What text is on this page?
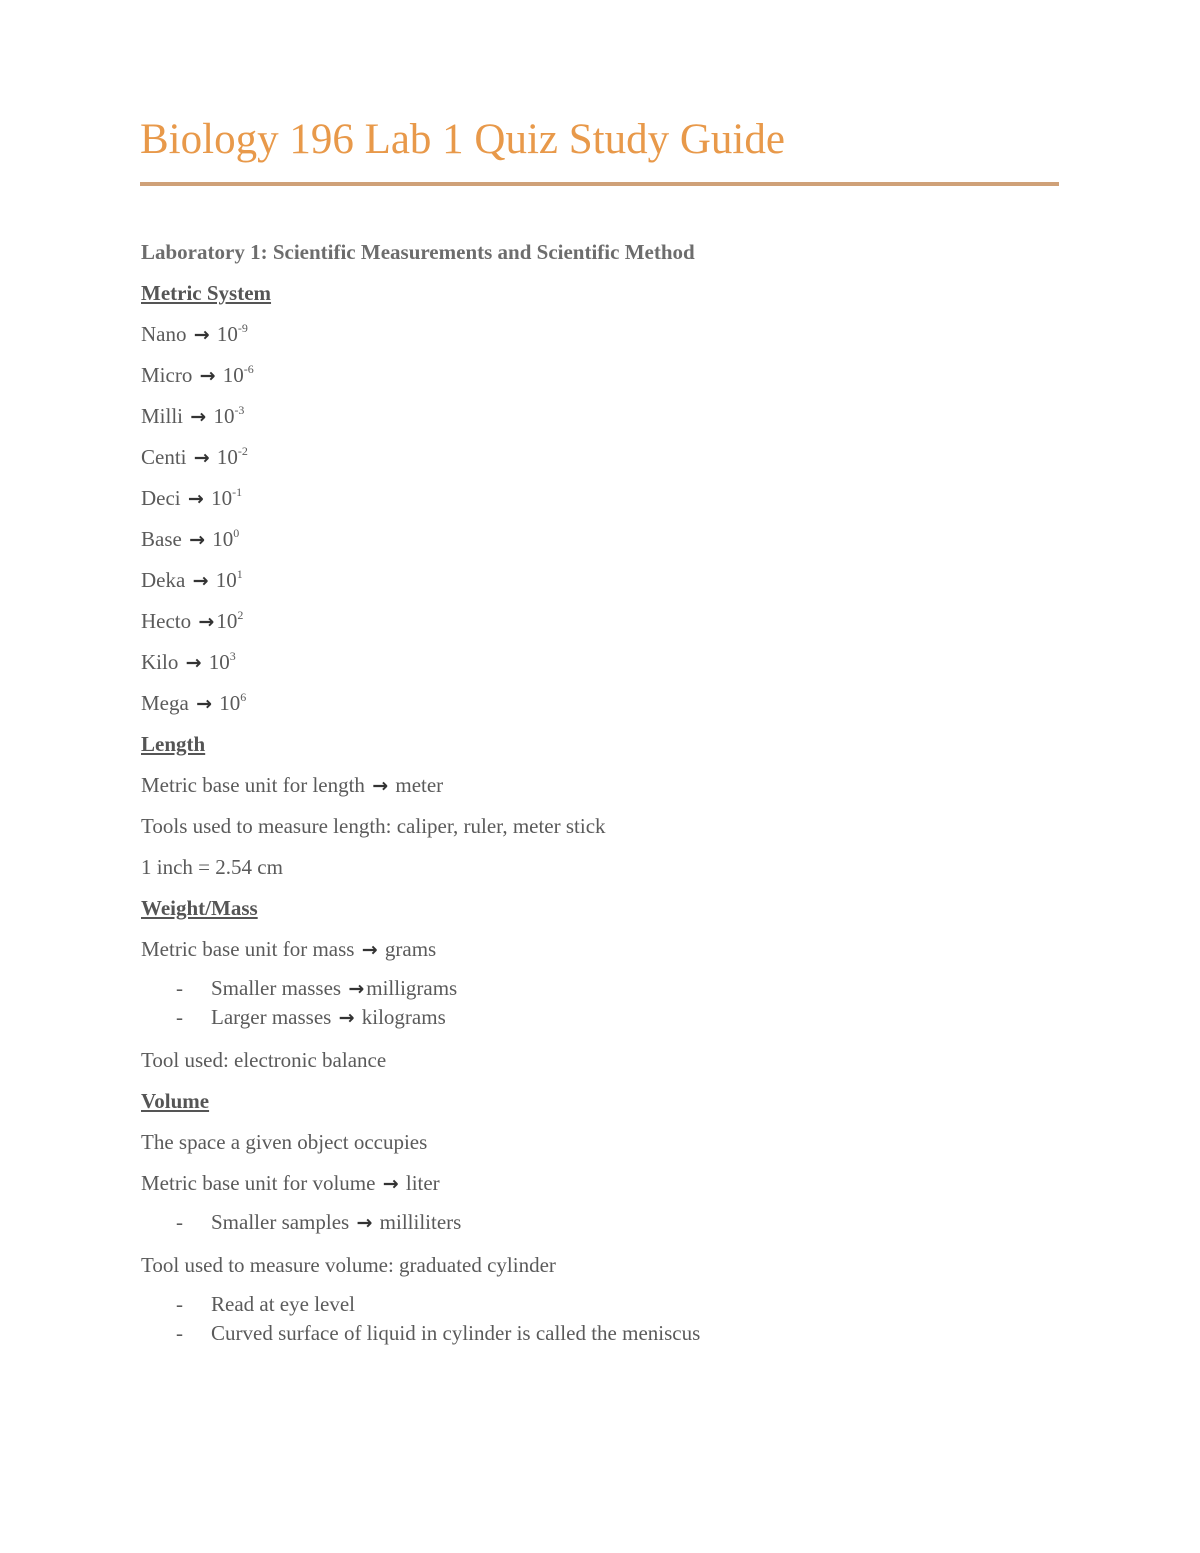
Biology 196 Lab 1 Quiz Study Guide
Laboratory 1: Scientific Measurements and Scientific Method
Metric System
Nano → $10^{-9}$
Micro → $10^{-6}$
Milli → $10^{-3}$
Centi → $10^{-2}$
Deci → $10^{-1}$
Base → $10^0$
Deka → $10^1$
Hecto $\to 10^2$
Kilo → $10^3$
Mega → $10^6$
Length
Metric base unit for length → meter
Tools used to measure length: caliper, ruler, meter stick
1 inch = 2.54 cm
Weight/Mass
Metric base unit for mass → grams
- Smaller masses →milligrams
- Larger masses → kilograms
Tool used: electronic balance
Volume
The space a given object occupies
Metric base unit for volume → liter
- Smaller samples → milliliters
Tool used to measure volume: graduated cylinder
- Read at eye level
- Curved surface of liquid in cylinder is called the meniscus
